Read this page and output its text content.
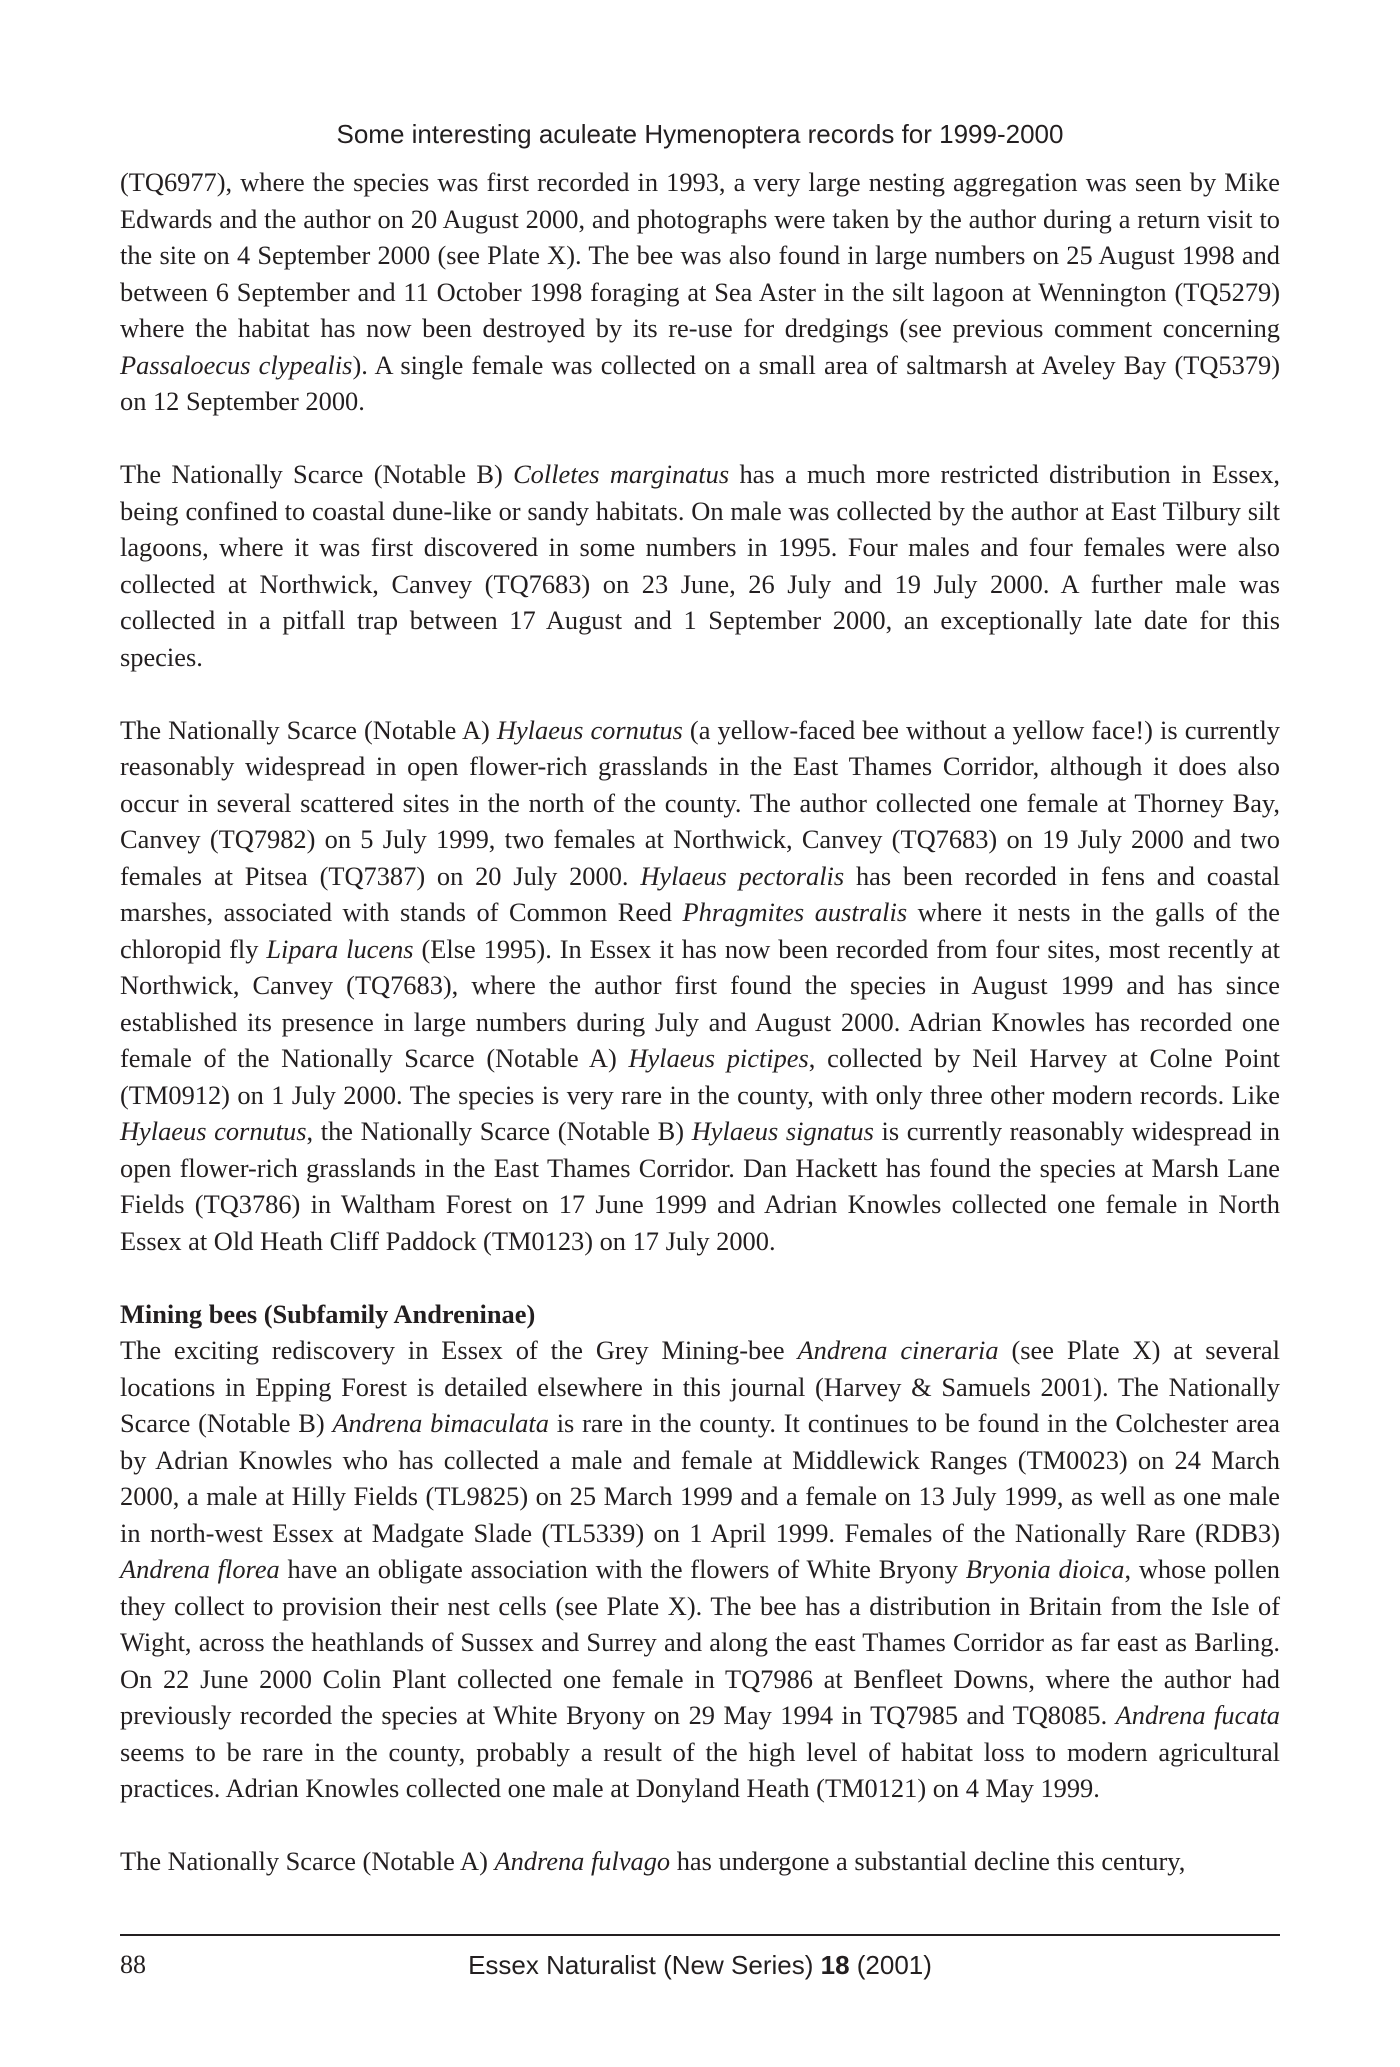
Some interesting aculeate Hymenoptera records for 1999-2000

(TQ6977), where the species was first recorded in 1993, a very large nesting aggregation was seen by Mike Edwards and the author on 20 August 2000, and photographs were taken by the author during a return visit to the site on 4 September 2000 (see Plate X). The bee was also found in large numbers on 25 August 1998 and between 6 September and 11 October 1998 foraging at Sea Aster in the silt lagoon at Wennington (TQ5279) where the habitat has now been destroyed by its re-use for dredgings (see previous comment concerning Passaloecus clypealis). A single female was collected on a small area of saltmarsh at Aveley Bay (TQ5379) on 12 September 2000.

The Nationally Scarce (Notable B) Colletes marginatus has a much more restricted distribution in Essex, being confined to coastal dune-like or sandy habitats. On male was collected by the author at East Tilbury silt lagoons, where it was first discovered in some numbers in 1995. Four males and four females were also collected at Northwick, Canvey (TQ7683) on 23 June, 26 July and 19 July 2000. A further male was collected in a pitfall trap between 17 August and 1 September 2000, an exceptionally late date for this species.

The Nationally Scarce (Notable A) Hylaeus cornutus (a yellow-faced bee without a yellow face!) is currently reasonably widespread in open flower-rich grasslands in the East Thames Corridor, although it does also occur in several scattered sites in the north of the county. The author collected one female at Thorney Bay, Canvey (TQ7982) on 5 July 1999, two females at Northwick, Canvey (TQ7683) on 19 July 2000 and two females at Pitsea (TQ7387) on 20 July 2000. Hylaeus pectoralis has been recorded in fens and coastal marshes, associated with stands of Common Reed Phragmites australis where it nests in the galls of the chloropid fly Lipara lucens (Else 1995). In Essex it has now been recorded from four sites, most recently at Northwick, Canvey (TQ7683), where the author first found the species in August 1999 and has since established its presence in large numbers during July and August 2000. Adrian Knowles has recorded one female of the Nationally Scarce (Notable A) Hylaeus pictipes, collected by Neil Harvey at Colne Point (TM0912) on 1 July 2000. The species is very rare in the county, with only three other modern records. Like Hylaeus cornutus, the Nationally Scarce (Notable B) Hylaeus signatus is currently reasonably widespread in open flower-rich grasslands in the East Thames Corridor. Dan Hackett has found the species at Marsh Lane Fields (TQ3786) in Waltham Forest on 17 June 1999 and Adrian Knowles collected one female in North Essex at Old Heath Cliff Paddock (TM0123) on 17 July 2000.

Mining bees (Subfamily Andreninae)

The exciting rediscovery in Essex of the Grey Mining-bee Andrena cineraria (see Plate X) at several locations in Epping Forest is detailed elsewhere in this journal (Harvey & Samuels 2001). The Nationally Scarce (Notable B) Andrena bimaculata is rare in the county. It continues to be found in the Colchester area by Adrian Knowles who has collected a male and female at Middlewick Ranges (TM0023) on 24 March 2000, a male at Hilly Fields (TL9825) on 25 March 1999 and a female on 13 July 1999, as well as one male in north-west Essex at Madgate Slade (TL5339) on 1 April 1999. Females of the Nationally Rare (RDB3) Andrena florea have an obligate association with the flowers of White Bryony Bryonia dioica, whose pollen they collect to provision their nest cells (see Plate X). The bee has a distribution in Britain from the Isle of Wight, across the heathlands of Sussex and Surrey and along the east Thames Corridor as far east as Barling. On 22 June 2000 Colin Plant collected one female in TQ7986 at Benfleet Downs, where the author had previously recorded the species at White Bryony on 29 May 1994 in TQ7985 and TQ8085. Andrena fucata seems to be rare in the county, probably a result of the high level of habitat loss to modern agricultural practices. Adrian Knowles collected one male at Donyland Heath (TM0121) on 4 May 1999.

The Nationally Scarce (Notable A) Andrena fulvago has undergone a substantial decline this century,

88	Essex Naturalist (New Series) 18 (2001)
